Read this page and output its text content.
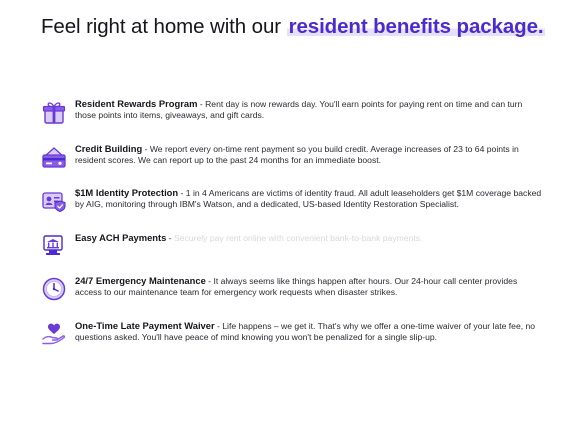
Feel right at home with our resident benefits package.
Resident Rewards Program - Rent day is now rewards day. You'll earn points for paying rent on time and can turn those points into items, giveaways, and gift cards.
Credit Building - We report every on-time rent payment so you build credit. Average increases of 23 to 64 points in resident scores. We can report up to the past 24 months for an immediate boost.
$1M Identity Protection - 1 in 4 Americans are victims of identity fraud. All adult leaseholders get $1M coverage backed by AIG, monitoring through IBM's Watson, and a dedicated, US-based Identity Restoration Specialist.
Easy ACH Payments - Securely pay rent online with convenient bank-to-bank payments.
24/7 Emergency Maintenance - It always seems like things happen after hours. Our 24-hour call center provides access to our maintenance team for emergency work requests when disaster strikes.
One-Time Late Payment Waiver - Life happens – we get it. That's why we offer a one-time waiver of your late fee, no questions asked. You'll have peace of mind knowing you won't be penalized for a single slip-up.
